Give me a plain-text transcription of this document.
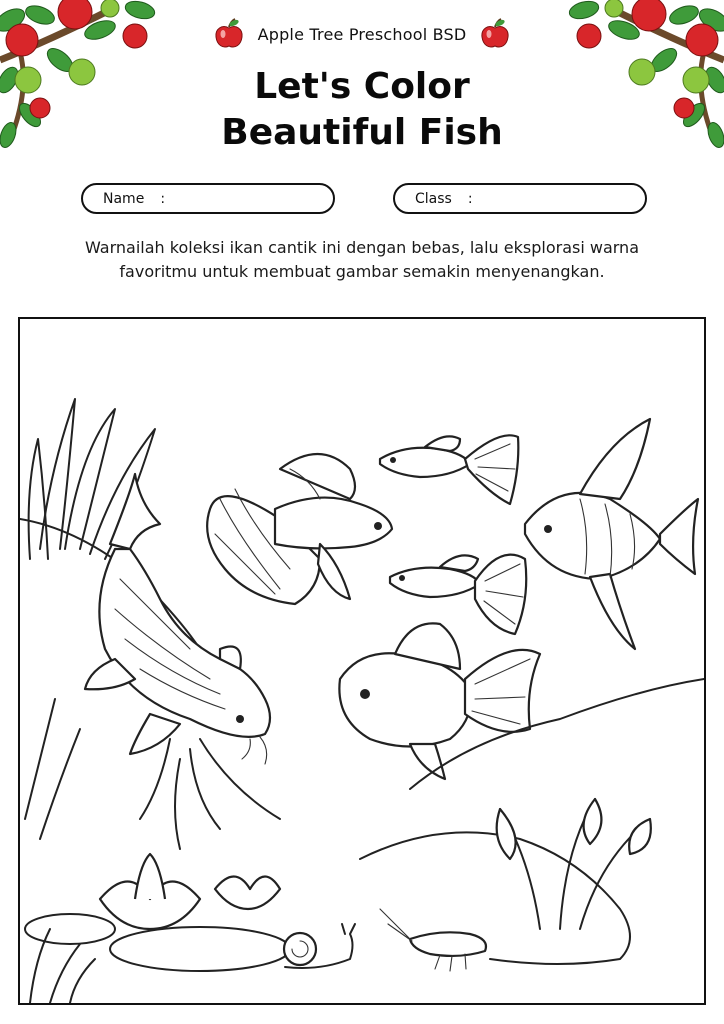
Apple Tree Preschool BSD
Let's Color
Beautiful Fish
Name :	Class :
Warnailah koleksi ikan cantik ini dengan bebas, lalu eksplorasi warna
favoritmu untuk membuat gambar semakin menyenangkan.
